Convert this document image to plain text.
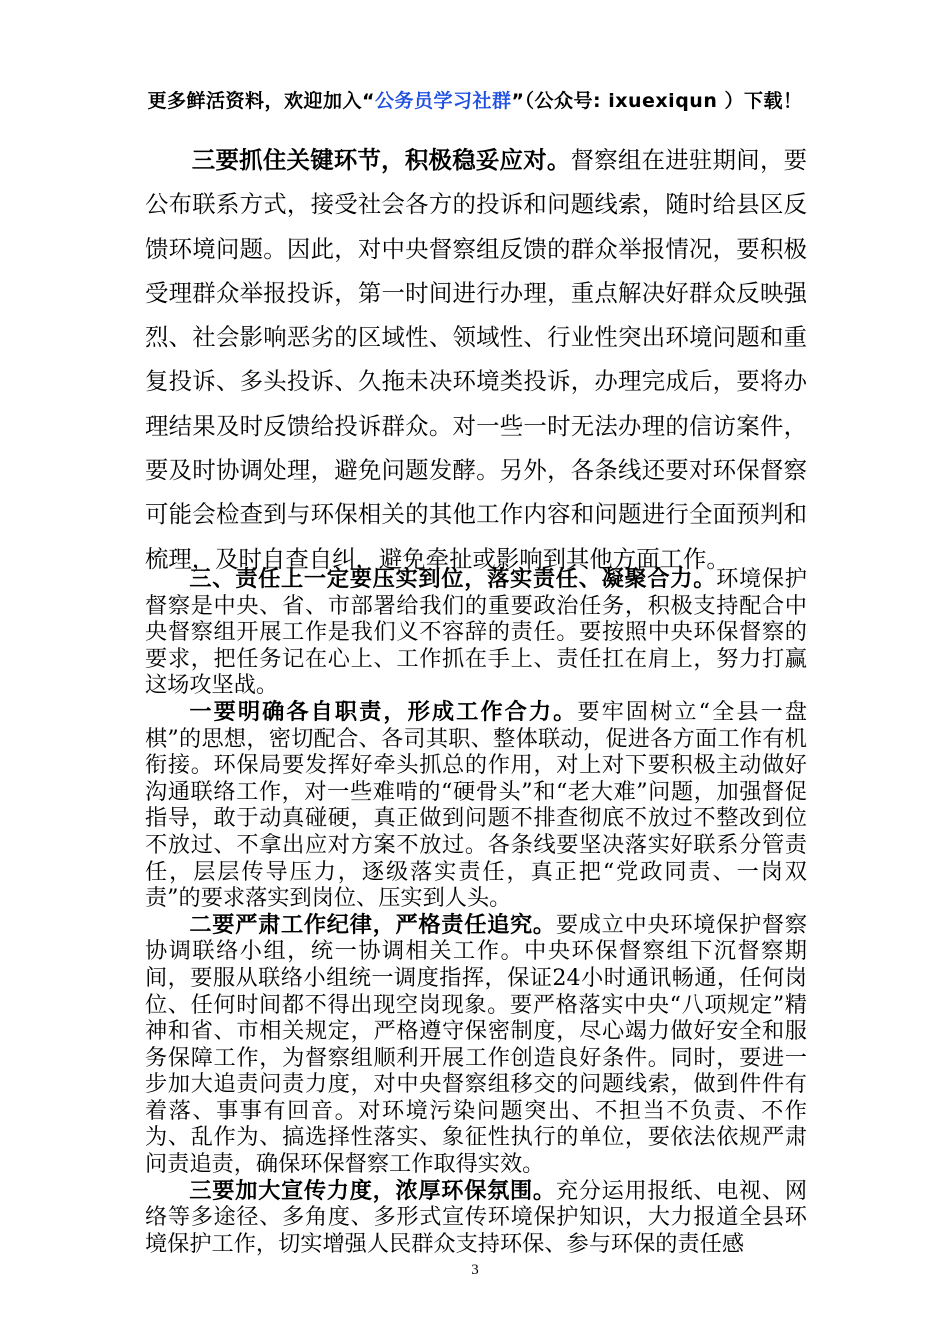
更多鲜活资料，欢迎加入“公务员学习社群”（公众号: ixuexiqun ）下载！

三要抓住关键环节，积极稳妥应对。督察组在进驻期间，要公布联系方式，接受社会各方的投诉和问题线索，随时给县区反馈环境问题。因此，对中央督察组反馈的群众举报情况，要积极受理群众举报投诉，第一时间进行办理，重点解决好群众反映强烈、社会影响恶劣的区域性、领域性、行业性突出环境问题和重复投诉、多头投诉、久拖未决环境类投诉，办理完成后，要将办理结果及时反馈给投诉群众。对一些一时无法办理的信访案件，要及时协调处理，避免问题发酵。另外，各条线还要对环保督察可能会检查到与环保相关的其他工作内容和问题进行全面预判和梳理，及时自查自纠，避免牵扯或影响到其他方面工作。

三、责任上一定要压实到位，落实责任、凝聚合力。环境保护督察是中央、省、市部署给我们的重要政治任务，积极支持配合中央督察组开展工作是我们义不容辞的责任。要按照中央环保督察的要求，把任务记在心上、工作抓在手上、责任扛在肩上，努力打赢这场攻坚战。

一要明确各自职责，形成工作合力。要牢固树立“全县一盘棋”的思想，密切配合、各司其职、整体联动，促进各方面工作有机衔接。环保局要发挥好牵头抓总的作用，对上对下要积极主动做好沟通联络工作，对一些难啃的“硬骨头”和“老大难”问题，加强督促指导，敢于动真碰硬，真正做到问题不排查彻底不放过不整改到位不放过、不拿出应对方案不放过。各条线要坚决落实好联系分管责任，层层传导压力，逐级落实责任，真正把“党政同责、一岗双责”的要求落实到岗位、压实到人头。

二要严肃工作纪律，严格责任追究。要成立中央环境保护督察协调联络小组，统一协调相关工作。中央环保督察组下沉督察期间，要服从联络小组统一调度指挥，保证24小时通讯畅通，任何岗位、任何时间都不得出现空岗现象。要严格落实中央“八项规定”精神和省、市相关规定，严格遵守保密制度，尽心竭力做好安全和服务保障工作，为督察组顺利开展工作创造良好条件。同时，要进一步加大追责问责力度，对中央督察组移交的问题线索，做到件件有着落、事事有回音。对环境污染问题突出、不担当不负责、不作为、乱作为、搞选择性落实、象征性执行的单位，要依法依规严肃问责追责，确保环保督察工作取得实效。

三要加大宣传力度，浓厚环保氛围。充分运用报纸、电视、网络等多途径、多角度、多形式宣传环境保护知识，大力报道全县环境保护工作，切实增强人民群众支持环保、参与环保的责任感

3
